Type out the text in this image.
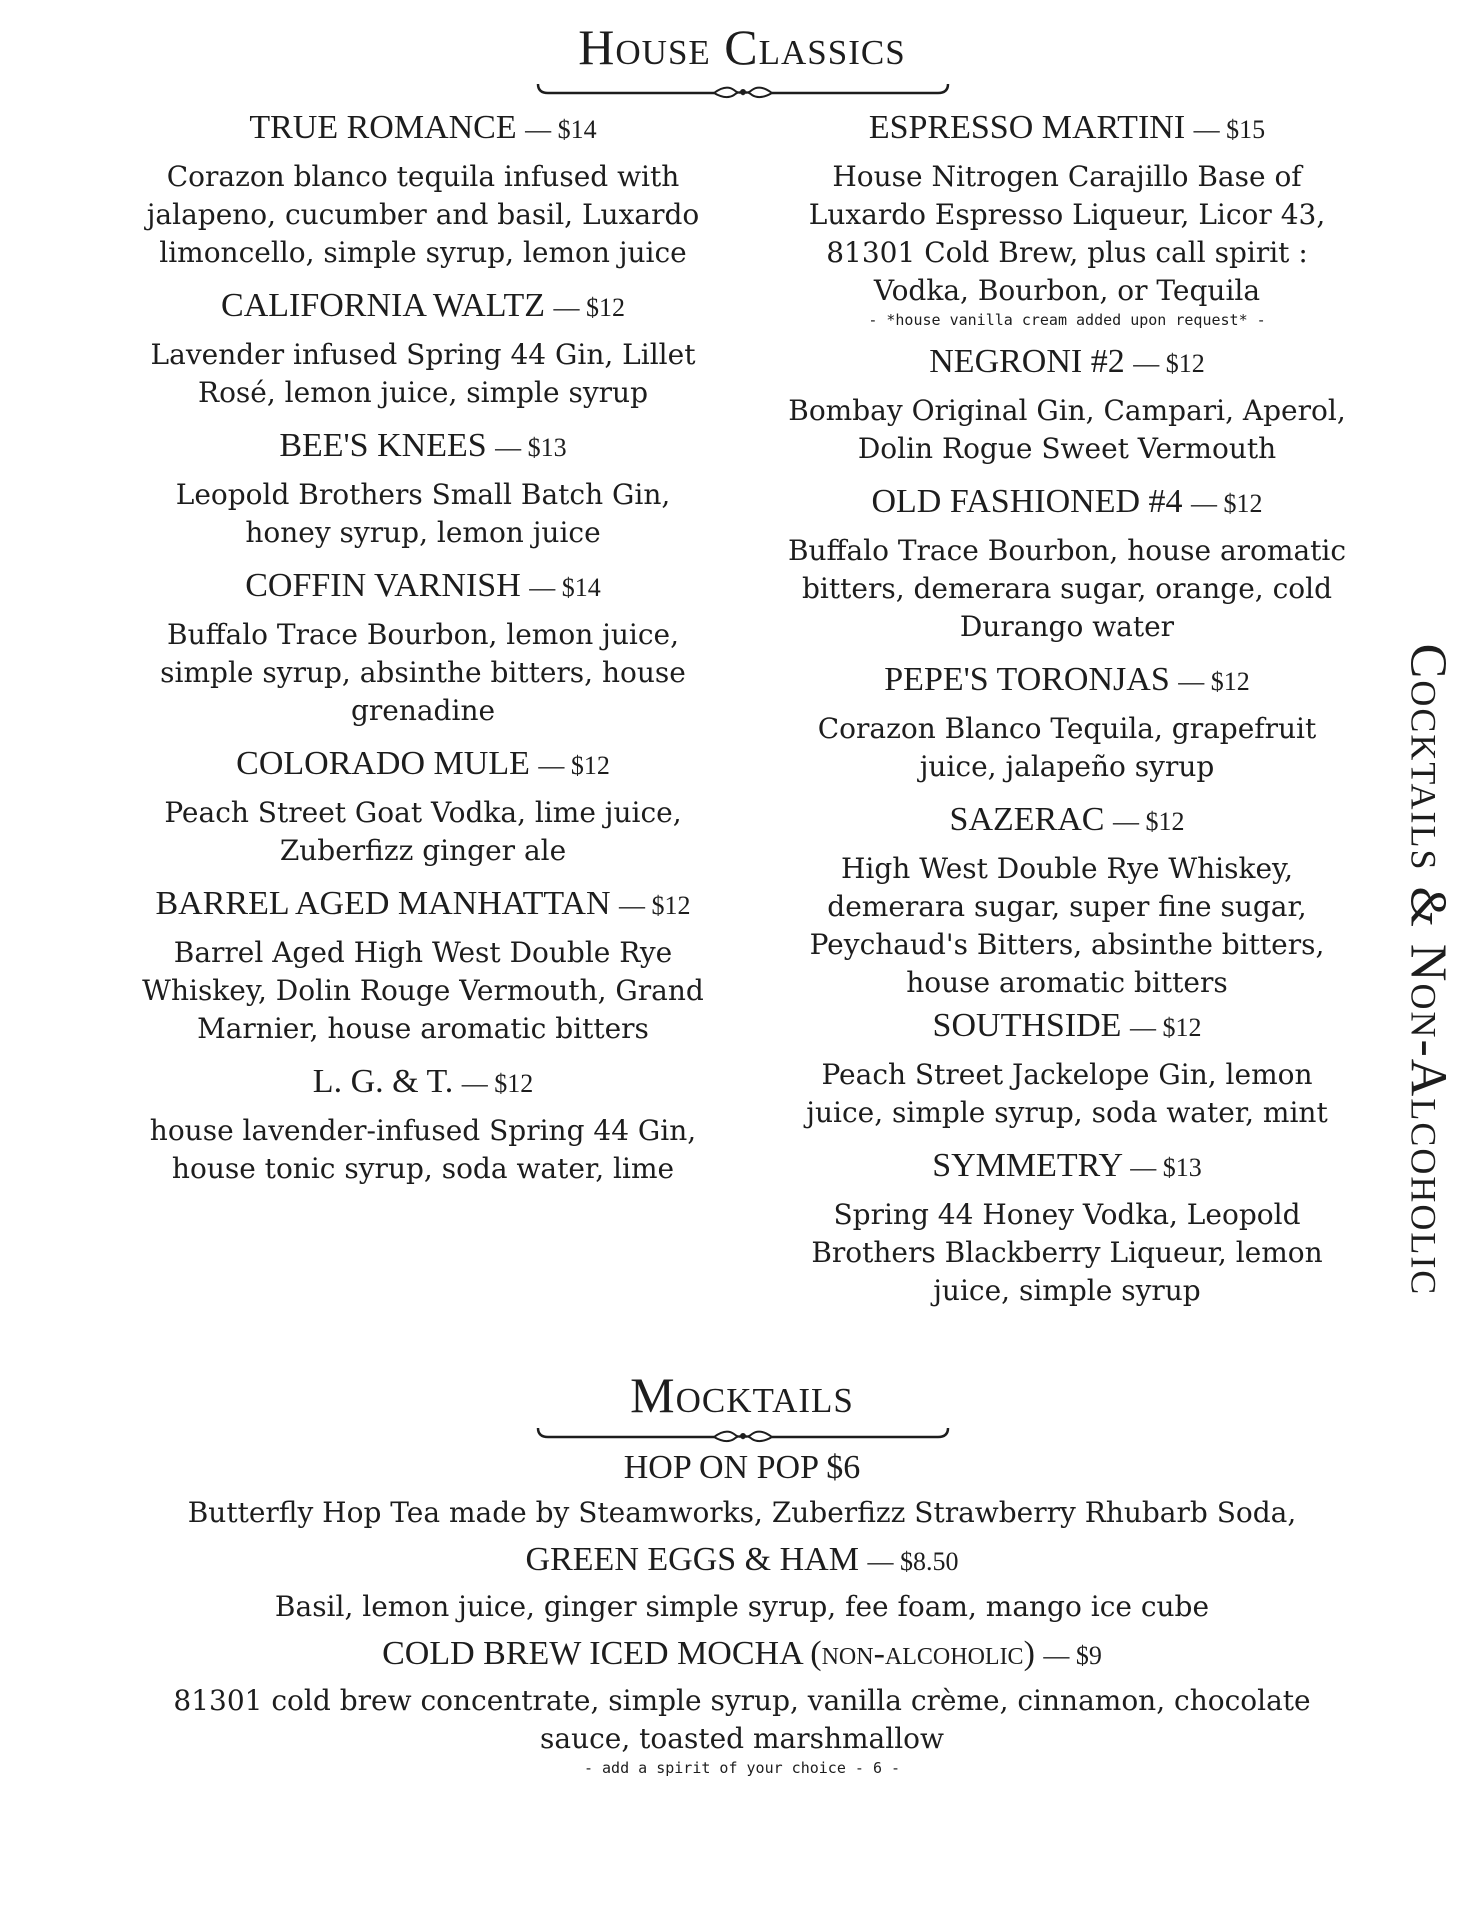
House Classics
TRUE ROMANCE — $14
Corazon blanco tequila infused with jalapeno, cucumber and basil, Luxardo limoncello, simple syrup, lemon juice
CALIFORNIA WALTZ — $12
Lavender infused Spring 44 Gin, Lillet Rosé, lemon juice, simple syrup
BEE'S KNEES — $13
Leopold Brothers Small Batch Gin, honey syrup, lemon juice
COFFIN VARNISH — $14
Buffalo Trace Bourbon, lemon juice, simple syrup, absinthe bitters, house grenadine
COLORADO MULE — $12
Peach Street Goat Vodka, lime juice, Zuberfizz ginger ale
BARREL AGED MANHATTAN — $12
Barrel Aged High West Double Rye Whiskey, Dolin Rouge Vermouth, Grand Marnier, house aromatic bitters
L. G. & T. — $12
house lavender-infused Spring 44 Gin, house tonic syrup, soda water, lime
ESPRESSO MARTINI — $15
House Nitrogen Carajillo Base of Luxardo Espresso Liqueur, Licor 43, 81301 Cold Brew, plus call spirit : Vodka, Bourbon, or Tequila
- *house vanilla cream added upon request* -
NEGRONI #2 — $12
Bombay Original Gin, Campari, Aperol, Dolin Rogue Sweet Vermouth
OLD FASHIONED #4 — $12
Buffalo Trace Bourbon, house aromatic bitters, demerara sugar, orange, cold Durango water
PEPE'S TORONJAS — $12
Corazon Blanco Tequila, grapefruit juice, jalapeño syrup
SAZERAC — $12
High West Double Rye Whiskey, demerara sugar, super fine sugar, Peychaud's Bitters, absinthe bitters, house aromatic bitters
SOUTHSIDE — $12
Peach Street Jackelope Gin, lemon juice, simple syrup, soda water, mint
SYMMETRY — $13
Spring 44 Honey Vodka, Leopold Brothers Blackberry Liqueur, lemon juice, simple syrup	Cocktails & Non-Alcoholic
Mocktails
HOP ON POP $6
Butterfly Hop Tea made by Steamworks, Zuberfizz Strawberry Rhubarb Soda,
GREEN EGGS & HAM — $8.50
Basil, lemon juice, ginger simple syrup, fee foam, mango ice cube
COLD BREW ICED MOCHA (non-alcoholic) — $9
81301 cold brew concentrate, simple syrup, vanilla crème, cinnamon, chocolate sauce, toasted marshmallow
- add a spirit of your choice - 6 -
